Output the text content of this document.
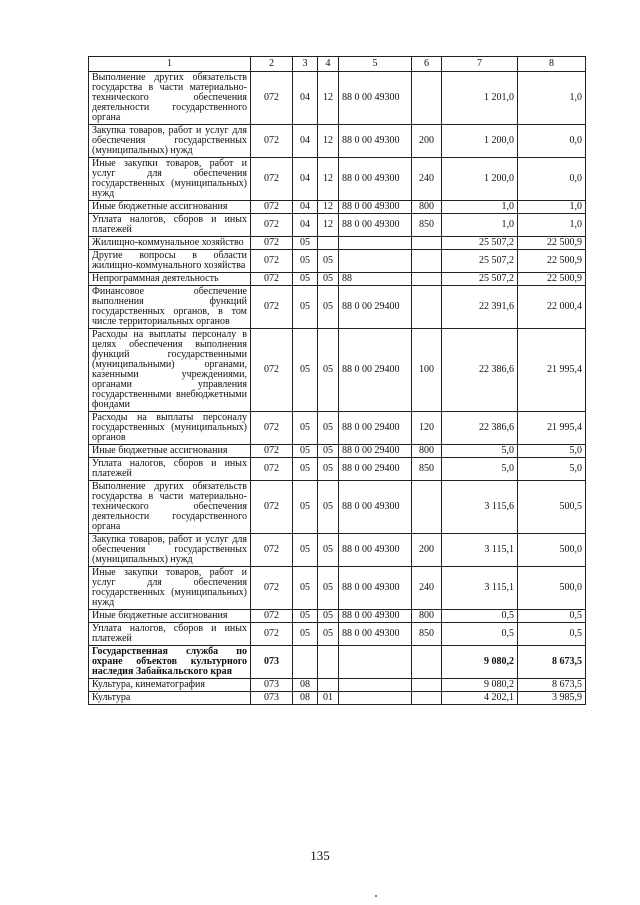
1	2	3	4	5	6	7	8
Выполнение других обязательств государства в части материально-технического обеспечения деятельности государственного органа	072	04	12	88 0 00 49300		1 201,0	1,0
Закупка товаров, работ и услуг для обеспечения государственных (муниципальных) нужд	072	04	12	88 0 00 49300	200	1 200,0	0,0
Иные закупки товаров, работ и услуг для обеспечения государственных (муниципальных) нужд	072	04	12	88 0 00 49300	240	1 200,0	0,0
Иные бюджетные ассигнования	072	04	12	88 0 00 49300	800	1,0	1,0
Уплата налогов, сборов и иных платежей	072	04	12	88 0 00 49300	850	1,0	1,0
Жилищно-коммунальное хозяйство	072	05				25 507,2	22 500,9
Другие вопросы в области жилищно-коммунального хозяйства	072	05	05			25 507,2	22 500,9
Непрограммная деятельность	072	05	05	88		25 507,2	22 500,9
Финансовое обеспечение выполнения функций государственных органов, в том числе территориальных органов	072	05	05	88 0 00 29400		22 391,6	22 000,4
Расходы на выплаты персоналу в целях обеспечения выполнения функций государственными (муниципальными) органами, казенными учреждениями, органами управления государственными внебюджетными фондами	072	05	05	88 0 00 29400	100	22 386,6	21 995,4
Расходы на выплаты персоналу государственных (муниципальных) органов	072	05	05	88 0 00 29400	120	22 386,6	21 995,4
Иные бюджетные ассигнования	072	05	05	88 0 00 29400	800	5,0	5,0
Уплата налогов, сборов и иных платежей	072	05	05	88 0 00 29400	850	5,0	5,0
Выполнение других обязательств государства в части материально-технического обеспечения деятельности государственного органа	072	05	05	88 0 00 49300		3 115,6	500,5
Закупка товаров, работ и услуг для обеспечения государственных (муниципальных) нужд	072	05	05	88 0 00 49300	200	3 115,1	500,0
Иные закупки товаров, работ и услуг для обеспечения государственных (муниципальных) нужд	072	05	05	88 0 00 49300	240	3 115,1	500,0
Иные бюджетные ассигнования	072	05	05	88 0 00 49300	800	0,5	0,5
Уплата налогов, сборов и иных платежей	072	05	05	88 0 00 49300	850	0,5	0,5
Государственная служба по охране объектов культурного наследия Забайкальского края	073					9 080,2	8 673,5
Культура, кинематография	073	08				9 080,2	8 673,5
Культура	073	08	01			4 202,1	3 985,9
135
